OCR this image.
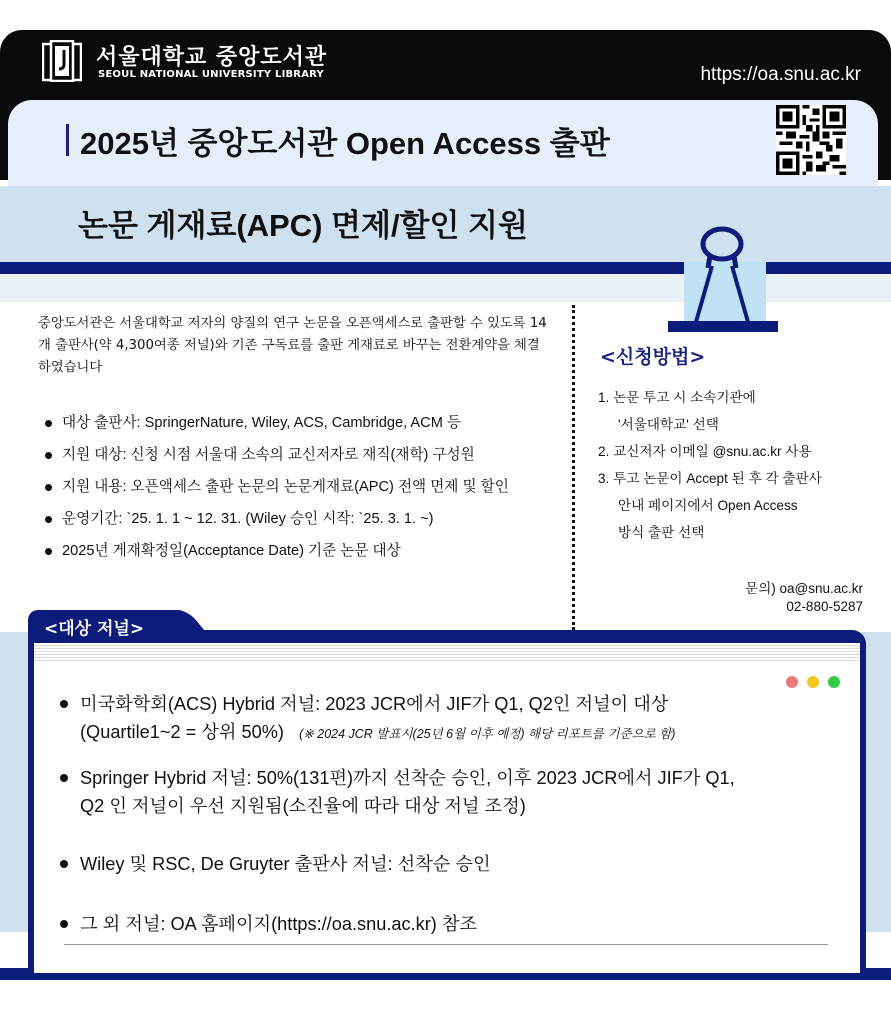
서울대학교 중앙도서관
SEOUL NATIONAL UNIVERSITY LIBRARY	https://oa.snu.ac.kr
2025년 중앙도서관 Open Access 출판
논문 게재료(APC) 면제/할인 지원
중앙도서관은 서울대학교 저자의 양질의 연구 논문을 오픈액세스로 출판할 수 있도록 14개 출판사(약 4,300여종 저널)와 기존 구독료를 출판 게재료로 바꾸는 전환계약을 체결하였습니다
대상 출판사: SpringerNature, Wiley, ACS, Cambridge, ACM 등
지원 대상: 신청 시점 서울대 소속의 교신저자로 재직(재학) 구성원
지원 내용: 오픈액세스 출판 논문의 논문게재료(APC) 전액 면제 및 할인
운영기간: `25. 1. 1 ~ 12. 31. (Wiley 승인 시작: `25. 3. 1. ~)
2025년 게재확정일(Acceptance Date) 기준 논문 대상
<신청방법>
1. 논문 투고 시 소속기관에
'서울대학교' 선택
2. 교신저자 이메일 @snu.ac.kr 사용
3. 투고 논문이 Accept 된 후 각 출판사
안내 페이지에서 Open Access
방식 출판 선택
문의) oa@snu.ac.kr
02-880-5287
<대상 저널>
미국화학회(ACS) Hybrid 저널: 2023 JCR에서 JIF가 Q1, Q2인 저널이 대상
(Quartile1~2 = 상위 50%) (※ 2024 JCR 발표시(25년 6월 이후 예정) 해당 리포트를 기준으로 함)
Springer Hybrid 저널: 50%(131편)까지 선착순 승인, 이후 2023 JCR에서 JIF가 Q1,
Q2 인 저널이 우선 지원됨(소진율에 따라 대상 저널 조정)
Wiley 및 RSC, De Gruyter 출판사 저널: 선착순 승인
그 외 저널: OA 홈페이지(https://oa.snu.ac.kr) 참조
